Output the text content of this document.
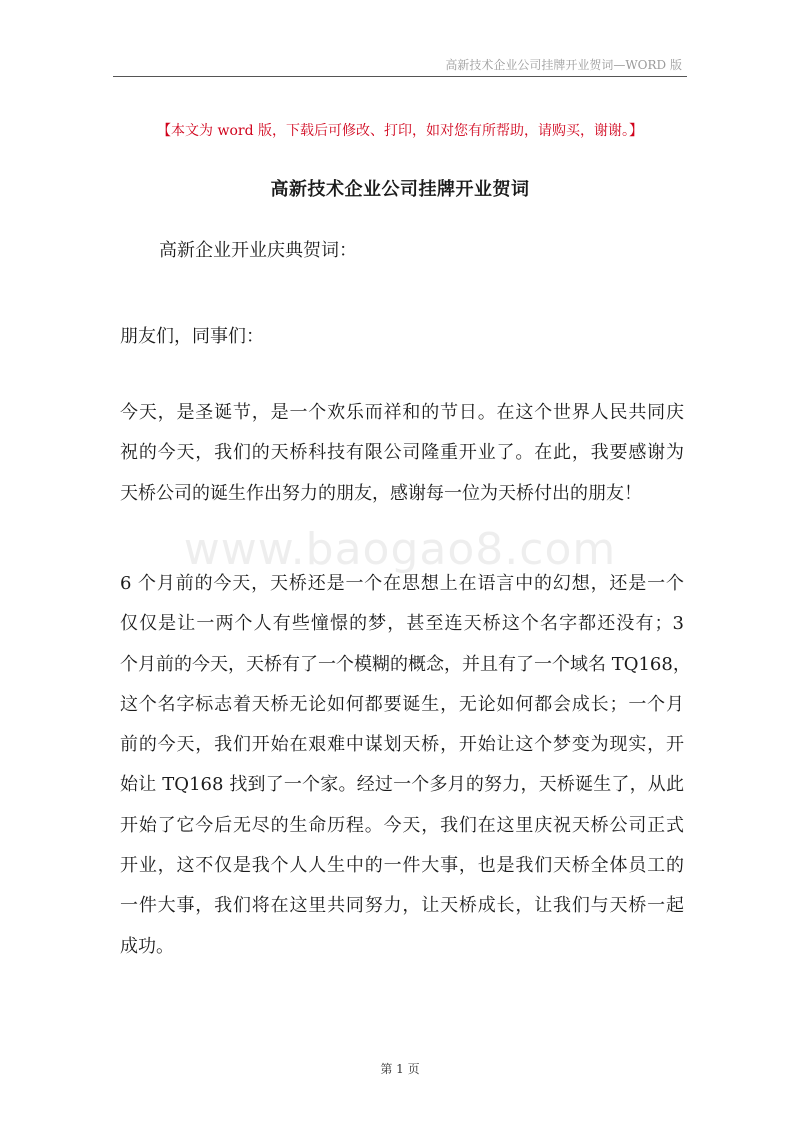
高新技术企业公司挂牌开业贺词—WORD 版
【本文为 word 版，下载后可修改、打印，如对您有所帮助，请购买，谢谢。】
高新技术企业公司挂牌开业贺词
高新企业开业庆典贺词：
朋友们，同事们：
www.baogao8.com
今天，是圣诞节，是一个欢乐而祥和的节日。在这个世界人民共同庆
祝的今天，我们的天桥科技有限公司隆重开业了。在此，我要感谢为
天桥公司的诞生作出努力的朋友，感谢每一位为天桥付出的朋友！
6 个月前的今天，天桥还是一个在思想上在语言中的幻想，还是一个
仅仅是让一两个人有些憧憬的梦，甚至连天桥这个名字都还没有；3
个月前的今天，天桥有了一个模糊的概念，并且有了一个域名 TQ168，
这个名字标志着天桥无论如何都要诞生，无论如何都会成长；一个月
前的今天，我们开始在艰难中谋划天桥，开始让这个梦变为现实，开
始让 TQ168 找到了一个家。经过一个多月的努力，天桥诞生了，从此
开始了它今后无尽的生命历程。今天，我们在这里庆祝天桥公司正式
开业，这不仅是我个人人生中的一件大事，也是我们天桥全体员工的
一件大事，我们将在这里共同努力，让天桥成长，让我们与天桥一起
成功。
第 1 页
